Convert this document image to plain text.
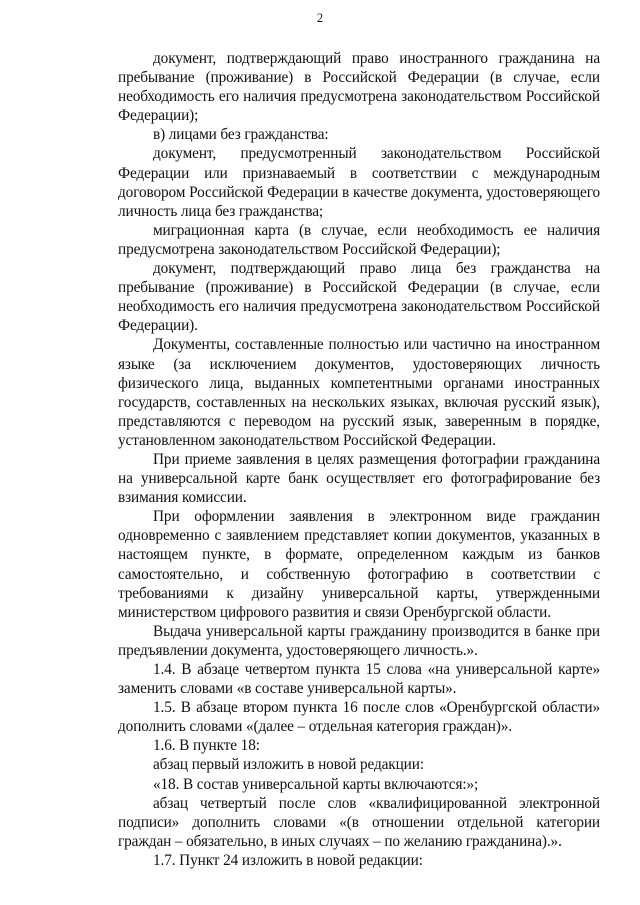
2

документ, подтверждающий право иностранного гражданина на пребывание (проживание) в Российской Федерации (в случае, если необходимость его наличия предусмотрена законодательством Российской Федерации);

в) лицами без гражданства:

документ, предусмотренный законодательством Российской Федерации или признаваемый в соответствии с международным договором Российской Федерации в качестве документа, удостоверяющего личность лица без гражданства;

миграционная карта (в случае, если необходимость ее наличия предусмотрена законодательством Российской Федерации);

документ, подтверждающий право лица без гражданства на пребывание (проживание) в Российской Федерации (в случае, если необходимость его наличия предусмотрена законодательством Российской Федерации).

Документы, составленные полностью или частично на иностранном языке (за исключением документов, удостоверяющих личность физического лица, выданных компетентными органами иностранных государств, составленных на нескольких языках, включая русский язык), представляются с переводом на русский язык, заверенным в порядке, установленном законодательством Российской Федерации.

При приеме заявления в целях размещения фотографии гражданина на универсальной карте банк осуществляет его фотографирование без взимания комиссии.

При оформлении заявления в электронном виде гражданин одновременно с заявлением представляет копии документов, указанных в настоящем пункте, в формате, определенном каждым из банков самостоятельно, и собственную фотографию в соответствии с требованиями к дизайну универсальной карты, утвержденными министерством цифрового развития и связи Оренбургской области.

Выдача универсальной карты гражданину производится в банке при предъявлении документа, удостоверяющего личность.».

1.4. В абзаце четвертом пункта 15 слова «на универсальной карте» заменить словами «в составе универсальной карты».

1.5. В абзаце втором пункта 16 после слов «Оренбургской области» дополнить словами «(далее – отдельная категория граждан)».

1.6. В пункте 18:

абзац первый изложить в новой редакции:

«18. В состав универсальной карты включаются:»;

абзац четвертый после слов «квалифицированной электронной подписи» дополнить словами «(в отношении отдельной категории граждан – обязательно, в иных случаях – по желанию гражданина).».

1.7. Пункт 24 изложить в новой редакции:
